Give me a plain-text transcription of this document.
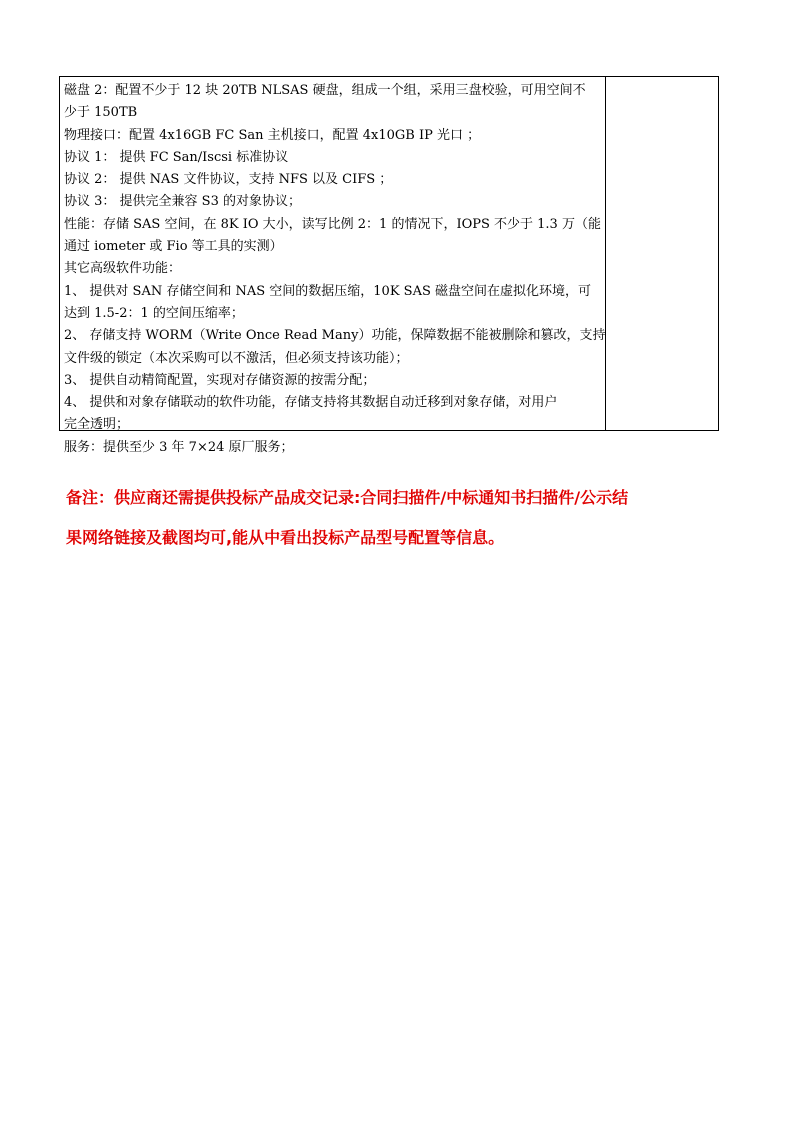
磁盘 2：配置不少于 12 块 20TB NLSAS 硬盘，组成一个组，采用三盘校验，可用空间不
少于 150TB
物理接口：配置 4x16GB FC San 主机接口，配置 4x10GB IP 光口 ；
协议 1： 提供 FC San/Iscsi 标准协议
协议 2： 提供 NAS 文件协议，支持 NFS 以及 CIFS ；
协议 3： 提供完全兼容 S3 的对象协议；
性能：存储 SAS 空间，在 8K IO 大小，读写比例 2：1 的情况下，IOPS 不少于 1.3 万（能
通过 iometer 或 Fio 等工具的实测）
其它高级软件功能：
1、 提供对 SAN 存储空间和 NAS 空间的数据压缩，10K SAS 磁盘空间在虚拟化环境，可
达到 1.5-2：1 的空间压缩率；
2、 存储支持 WORM（Write Once Read Many）功能，保障数据不能被删除和篡改，支持
文件级的锁定（本次采购可以不激活，但必须支持该功能）；
3、 提供自动精简配置，实现对存储资源的按需分配；
4、 提供和对象存储联动的软件功能，存储支持将其数据自动迁移到对象存储，对用户
完全透明；
服务：提供至少 3 年 7×24 原厂服务；
备注：供应商还需提供投标产品成交记录:合同扫描件/中标通知书扫描件/公示结
果网络链接及截图均可,能从中看出投标产品型号配置等信息。
